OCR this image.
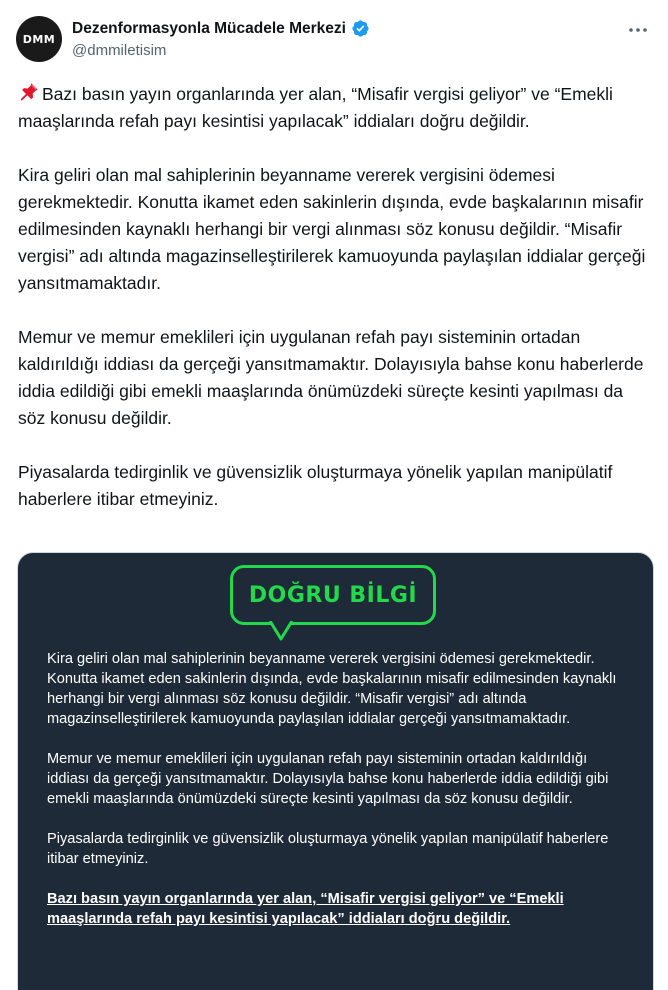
DMM
Dezenformasyonla Mücadele Merkezi
@dmmiletisim

Bazı basın yayın organlarında yer alan, “Misafir vergisi geliyor” ve “Emekli maaşlarında refah payı kesintisi yapılacak” iddiaları doğru değildir.

Kira geliri olan mal sahiplerinin beyanname vererek vergisini ödemesi gerekmektedir. Konutta ikamet eden sakinlerin dışında, evde başkalarının misafir edilmesinden kaynaklı herhangi bir vergi alınması söz konusu değildir. “Misafir vergisi” adı altında magazinselleştirilerek kamuoyunda paylaşılan iddialar gerçeği yansıtmamaktadır.

Memur ve memur emeklileri için uygulanan refah payı sisteminin ortadan kaldırıldığı iddiası da gerçeği yansıtmamaktır. Dolayısıyla bahse konu haberlerde iddia edildiği gibi emekli maaşlarında önümüzdeki süreçte kesinti yapılması da söz konusu değildir.

Piyasalarda tedirginlik ve güvensizlik oluşturmaya yönelik yapılan manipülatif haberlere itibar etmeyiniz.

DOĞRU BİLGİ

Kira geliri olan mal sahiplerinin beyanname vererek vergisini ödemesi gerekmektedir. Konutta ikamet eden sakinlerin dışında, evde başkalarının misafir edilmesinden kaynaklı herhangi bir vergi alınması söz konusu değildir. “Misafir vergisi” adı altında magazinselleştirilerek kamuoyunda paylaşılan iddialar gerçeği yansıtmamaktadır.

Memur ve memur emeklileri için uygulanan refah payı sisteminin ortadan kaldırıldığı iddiası da gerçeği yansıtmamaktır. Dolayısıyla bahse konu haberlerde iddia edildiği gibi emekli maaşlarında önümüzdeki süreçte kesinti yapılması da söz konusu değildir.

Piyasalarda tedirginlik ve güvensizlik oluşturmaya yönelik yapılan manipülatif haberlere itibar etmeyiniz.

Bazı basın yayın organlarında yer alan, “Misafir vergisi geliyor” ve “Emekli maaşlarında refah payı kesintisi yapılacak” iddiaları doğru değildir.
